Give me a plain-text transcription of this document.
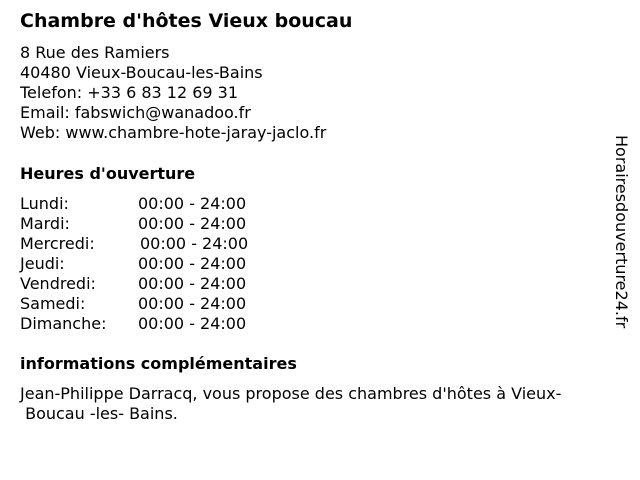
Chambre d'hôtes Vieux boucau
8 Rue des Ramiers
40480 Vieux-Boucau-les-Bains
Telefon: +33 6 83 12 69 31
Email: fabswich@wanadoo.fr
Web: www.chambre-hote-jaray-jaclo.fr
Heures d'ouverture
Lundi:	00:00 - 24:00
Mardi:	00:00 - 24:00
Mercredi:	00:00 - 24:00
Jeudi:	00:00 - 24:00
Vendredi:	00:00 - 24:00
Samedi:	00:00 - 24:00
Dimanche: 00:00 - 24:00
informations complémentaires
Jean-Philippe Darracq, vous propose des chambres d'hôtes à Vieux-
Boucau -les- Bains.
Horairesdouverture24.fr
